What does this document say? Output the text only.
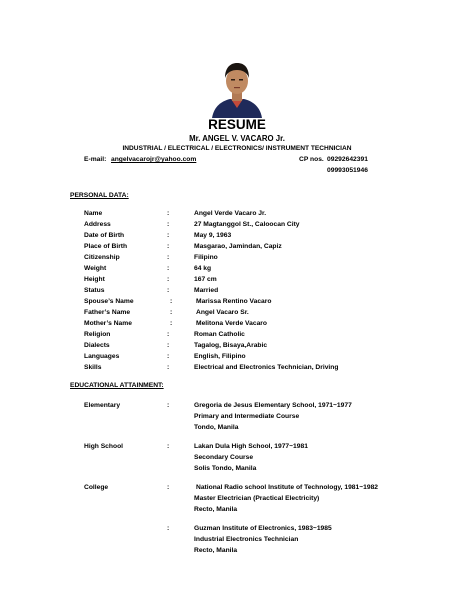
RESUME
Mr. ANGEL V. VACARO Jr.
INDUSTRIAL / ELECTRICAL / ELECTRONICS/ INSTRUMENT TECHNICIAN
E-mail: angelvacarojr@yahoo.com	CP nos. 09292642391
09993051946
PERSONAL DATA:
Name	:	Angel Verde Vacaro Jr.
Address	:	27 Magtanggol St., Caloocan City
Date of Birth	:	May 9, 1963
Place of Birth	:	Masgarao, Jamindan, Capiz
Citizenship	:	Filipino
Weight	:	64 kg
Height	:	167 cm
Status	:	Married
Spouse’s Name	:	Marissa Rentino Vacaro
Father’s Name	:	Angel Vacaro Sr.
Mother’s Name	:	Melitona Verde Vacaro
Religion	:	Roman Catholic
Dialects	:	Tagalog, Bisaya,Arabic
Languages	:	English, Filipino
Skills	:	Electrical and Electronics Technician, Driving
EDUCATIONAL ATTAINMENT:
Elementary	:	Gregoria de Jesus Elementary School, 1971~1977
Primary and Intermediate Course
Tondo, Manila
High School	:	Lakan Dula High School, 1977~1981
Secondary Course
Solis Tondo, Manila
College	:	National Radio school Institute of Technology, 1981~1982
Master Electrician (Practical Electricity)
Recto, Manila
:	Guzman Institute of Electronics, 1983~1985
Industrial Electronics Technician
Recto, Manila
